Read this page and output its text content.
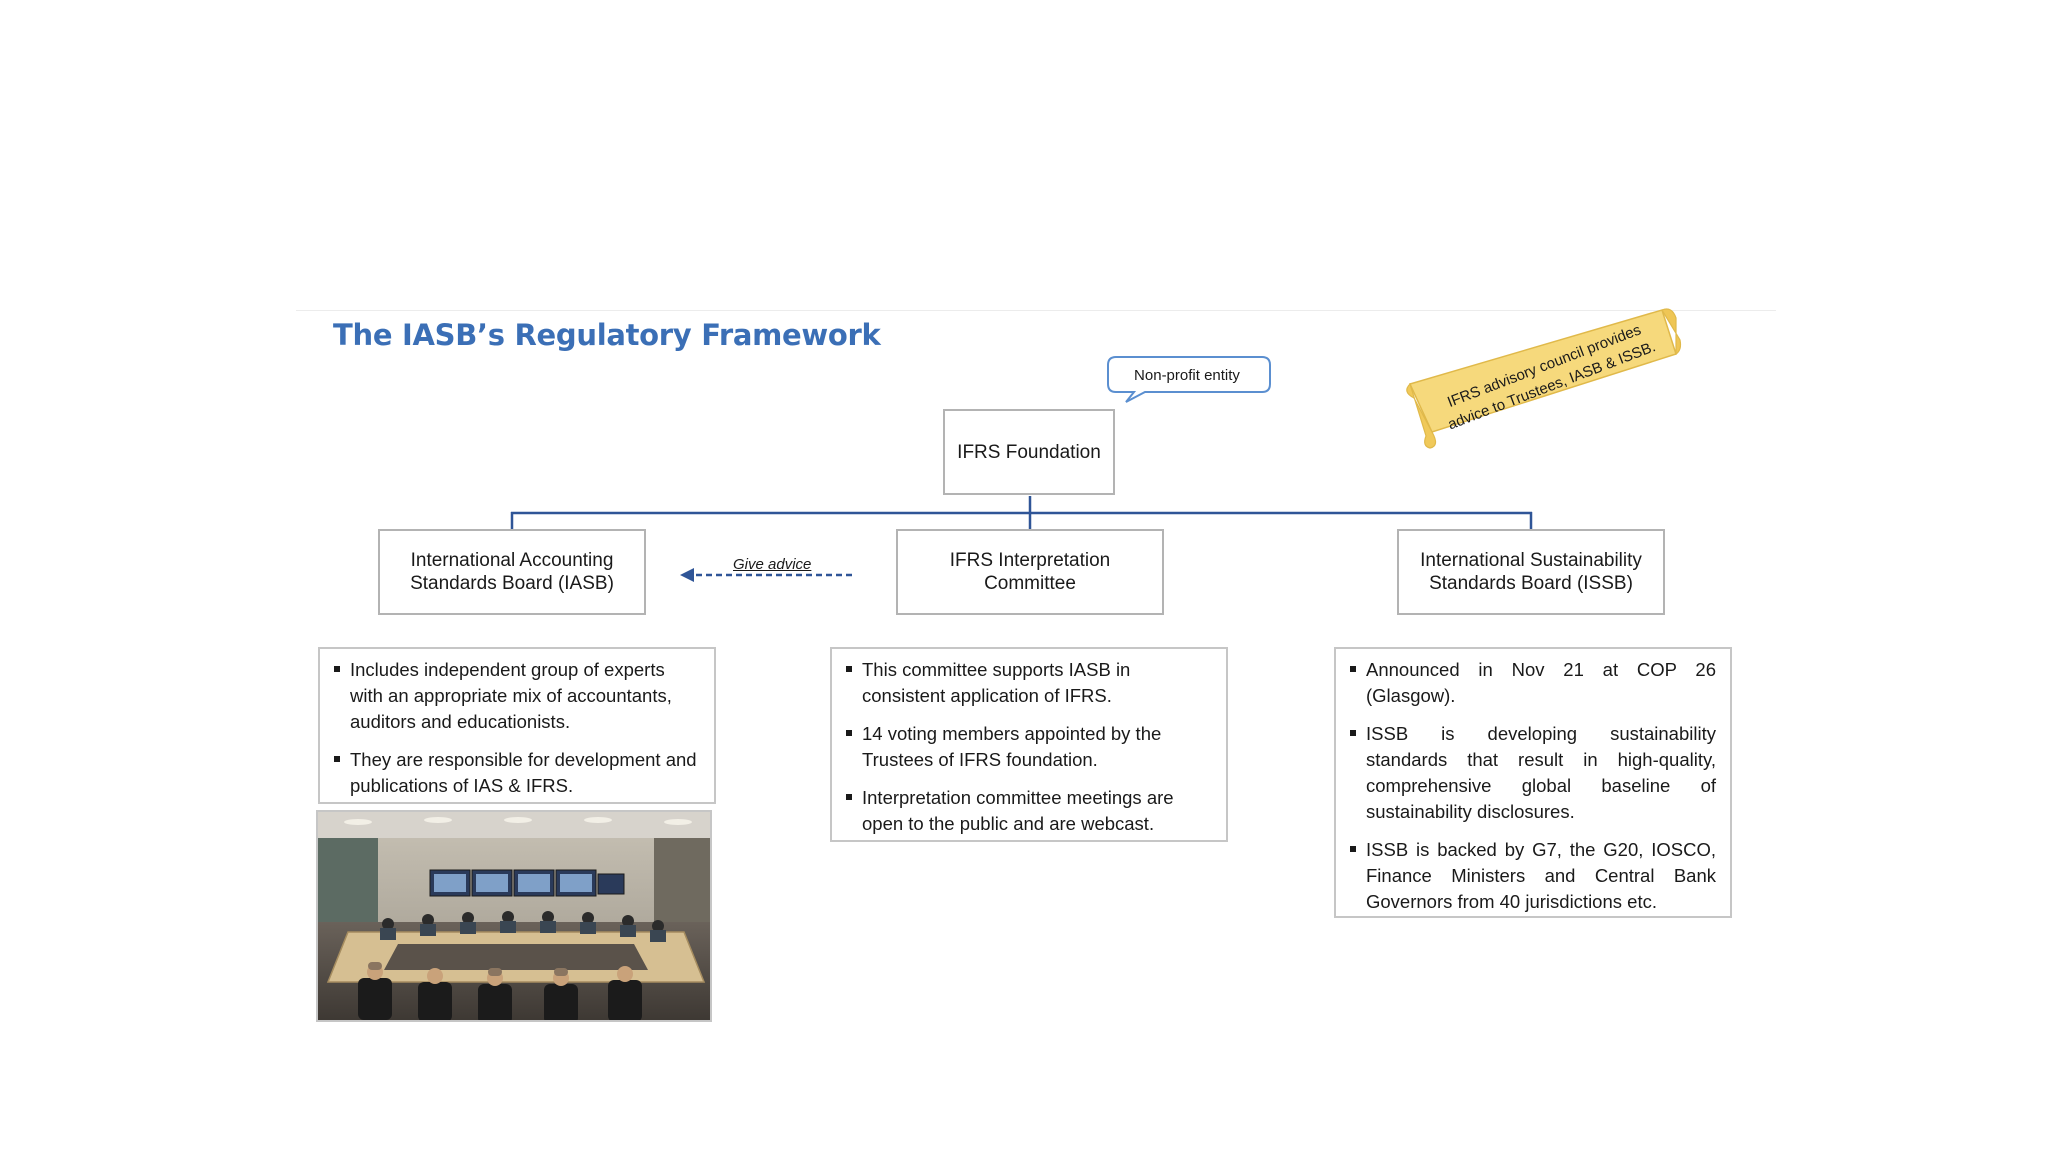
The IASB’s Regulatory Framework
Non-profit entity	IFRS advisory council provides advice to Trustees, IASB & ISSB.
IFRS Foundation
International Accounting Standards Board (IASB)
IFRS Interpretation Committee
International Sustainability Standards Board (ISSB)
Give advice
Includes independent group of experts with an appropriate mix of accountants, auditors and educationists.
They are responsible for development and publications of IAS & IFRS.
This committee supports IASB in consistent application of IFRS.
14 voting members appointed by the Trustees of IFRS foundation.
Interpretation committee meetings are open to the public and are webcast.
Announced in Nov 21 at COP 26 (Glasgow).
ISSB is developing sustainability standards that result in high-quality, comprehensive global baseline of sustainability disclosures.
ISSB is backed by G7, the G20, IOSCO, Finance Ministers and Central Bank Governors from 40 jurisdictions etc.
